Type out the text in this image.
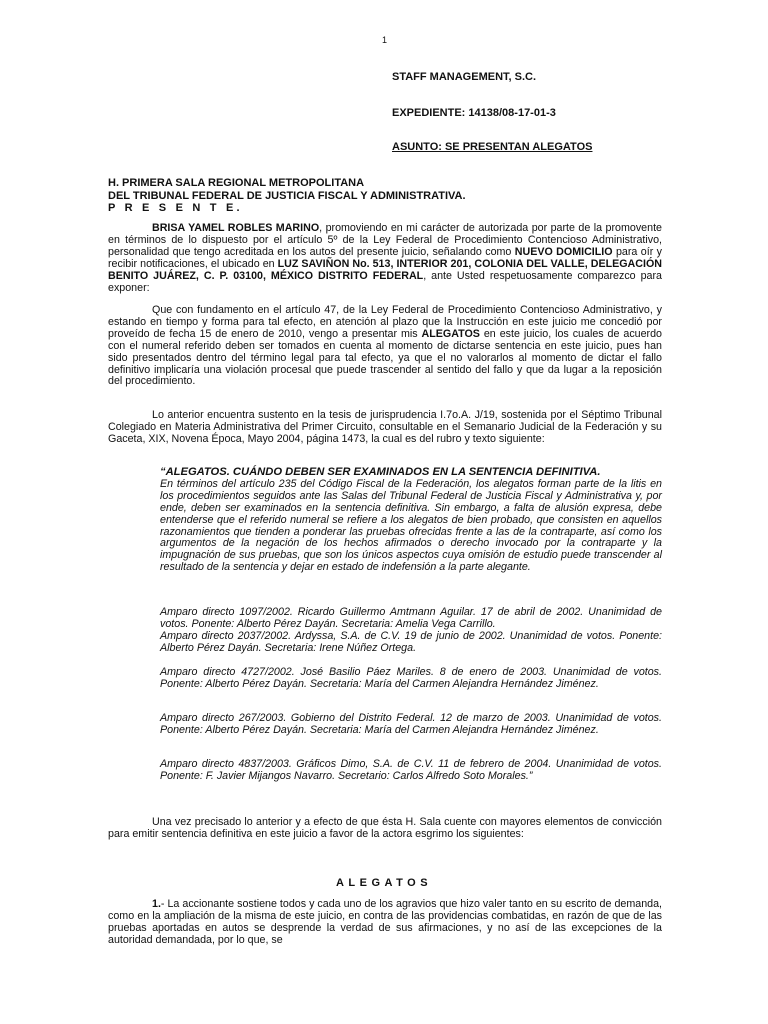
1
STAFF MANAGEMENT, S.C.
EXPEDIENTE: 14138/08-17-01-3
ASUNTO: SE PRESENTAN ALEGATOS
H. PRIMERA SALA REGIONAL METROPOLITANA
DEL TRIBUNAL FEDERAL DE JUSTICIA FISCAL Y ADMINISTRATIVA.
P R E S E N T E.

BRISA YAMEL ROBLES MARINO, promoviendo en mi carácter de autorizada por parte de la promovente en términos de lo dispuesto por el artículo 5º de la Ley Federal de Procedimiento Contencioso Administrativo, personalidad que tengo acreditada en los autos del presente juicio, señalando como NUEVO DOMICILIO para oír y recibir notificaciones, el ubicado en LUZ SAVIÑON No. 513, INTERIOR 201, COLONIA DEL VALLE, DELEGACIÓN BENITO JUÁREZ, C. P. 03100, MÉXICO DISTRITO FEDERAL, ante Usted respetuosamente comparezco para exponer:

Que con fundamento en el artículo 47, de la Ley Federal de Procedimiento Contencioso Administrativo, y estando en tiempo y forma para tal efecto, en atención al plazo que la Instrucción en este juicio me concedió por proveído de fecha 15 de enero de 2010, vengo a presentar mis ALEGATOS en este juicio, los cuales de acuerdo con el numeral referido deben ser tomados en cuenta al momento de dictarse sentencia en este juicio, pues han sido presentados dentro del término legal para tal efecto, ya que el no valorarlos al momento de dictar el fallo definitivo implicaría una violación procesal que puede trascender al sentido del fallo y que da lugar a la reposición del procedimiento.

Lo anterior encuentra sustento en la tesis de jurisprudencia I.7o.A. J/19, sostenida por el Séptimo Tribunal Colegiado en Materia Administrativa del Primer Circuito, consultable en el Semanario Judicial de la Federación y su Gaceta, XIX, Novena Época, Mayo 2004, página 1473, la cual es del rubro y texto siguiente:

“ALEGATOS. CUÁNDO DEBEN SER EXAMINADOS EN LA SENTENCIA DEFINITIVA.

En términos del artículo 235 del Código Fiscal de la Federación, los alegatos forman parte de la litis en los procedimientos seguidos ante las Salas del Tribunal Federal de Justicia Fiscal y Administrativa y, por ende, deben ser examinados en la sentencia definitiva. Sin embargo, a falta de alusión expresa, debe entenderse que el referido numeral se refiere a los alegatos de bien probado, que consisten en aquellos razonamientos que tienden a ponderar las pruebas ofrecidas frente a las de la contraparte, así como los argumentos de la negación de los hechos afirmados o derecho invocado por la contraparte y la impugnación de sus pruebas, que son los únicos aspectos cuya omisión de estudio puede transcender al resultado de la sentencia y dejar en estado de indefensión a la parte alegante.

Amparo directo 1097/2002. Ricardo Guillermo Amtmann Aguilar. 17 de abril de 2002. Unanimidad de votos. Ponente: Alberto Pérez Dayán. Secretaria: Amelia Vega Carrillo.

Amparo directo 2037/2002. Ardyssa, S.A. de C.V. 19 de junio de 2002. Unanimidad de votos. Ponente: Alberto Pérez Dayán. Secretaria: Irene Núñez Ortega.

Amparo directo 4727/2002. José Basilio Páez Mariles. 8 de enero de 2003. Unanimidad de votos. Ponente: Alberto Pérez Dayán. Secretaria: María del Carmen Alejandra Hernández Jiménez.

Amparo directo 267/2003. Gobierno del Distrito Federal. 12 de marzo de 2003. Unanimidad de votos. Ponente: Alberto Pérez Dayán. Secretaria: María del Carmen Alejandra Hernández Jiménez.

Amparo directo 4837/2003. Gráficos Dimo, S.A. de C.V. 11 de febrero de 2004. Unanimidad de votos. Ponente: F. Javier Mijangos Navarro. Secretario: Carlos Alfredo Soto Morales.”

Una vez precisado lo anterior y a efecto de que ésta H. Sala cuente con mayores elementos de convicción para emitir sentencia definitiva en este juicio a favor de la actora esgrimo los siguientes:

ALEGATOS

1.- La accionante sostiene todos y cada uno de los agravios que hizo valer tanto en su escrito de demanda, como en la ampliación de la misma de este juicio, en contra de las providencias combatidas, en razón de que de las pruebas aportadas en autos se desprende la verdad de sus afirmaciones, y no así de las excepciones de la autoridad demandada, por lo que, se
